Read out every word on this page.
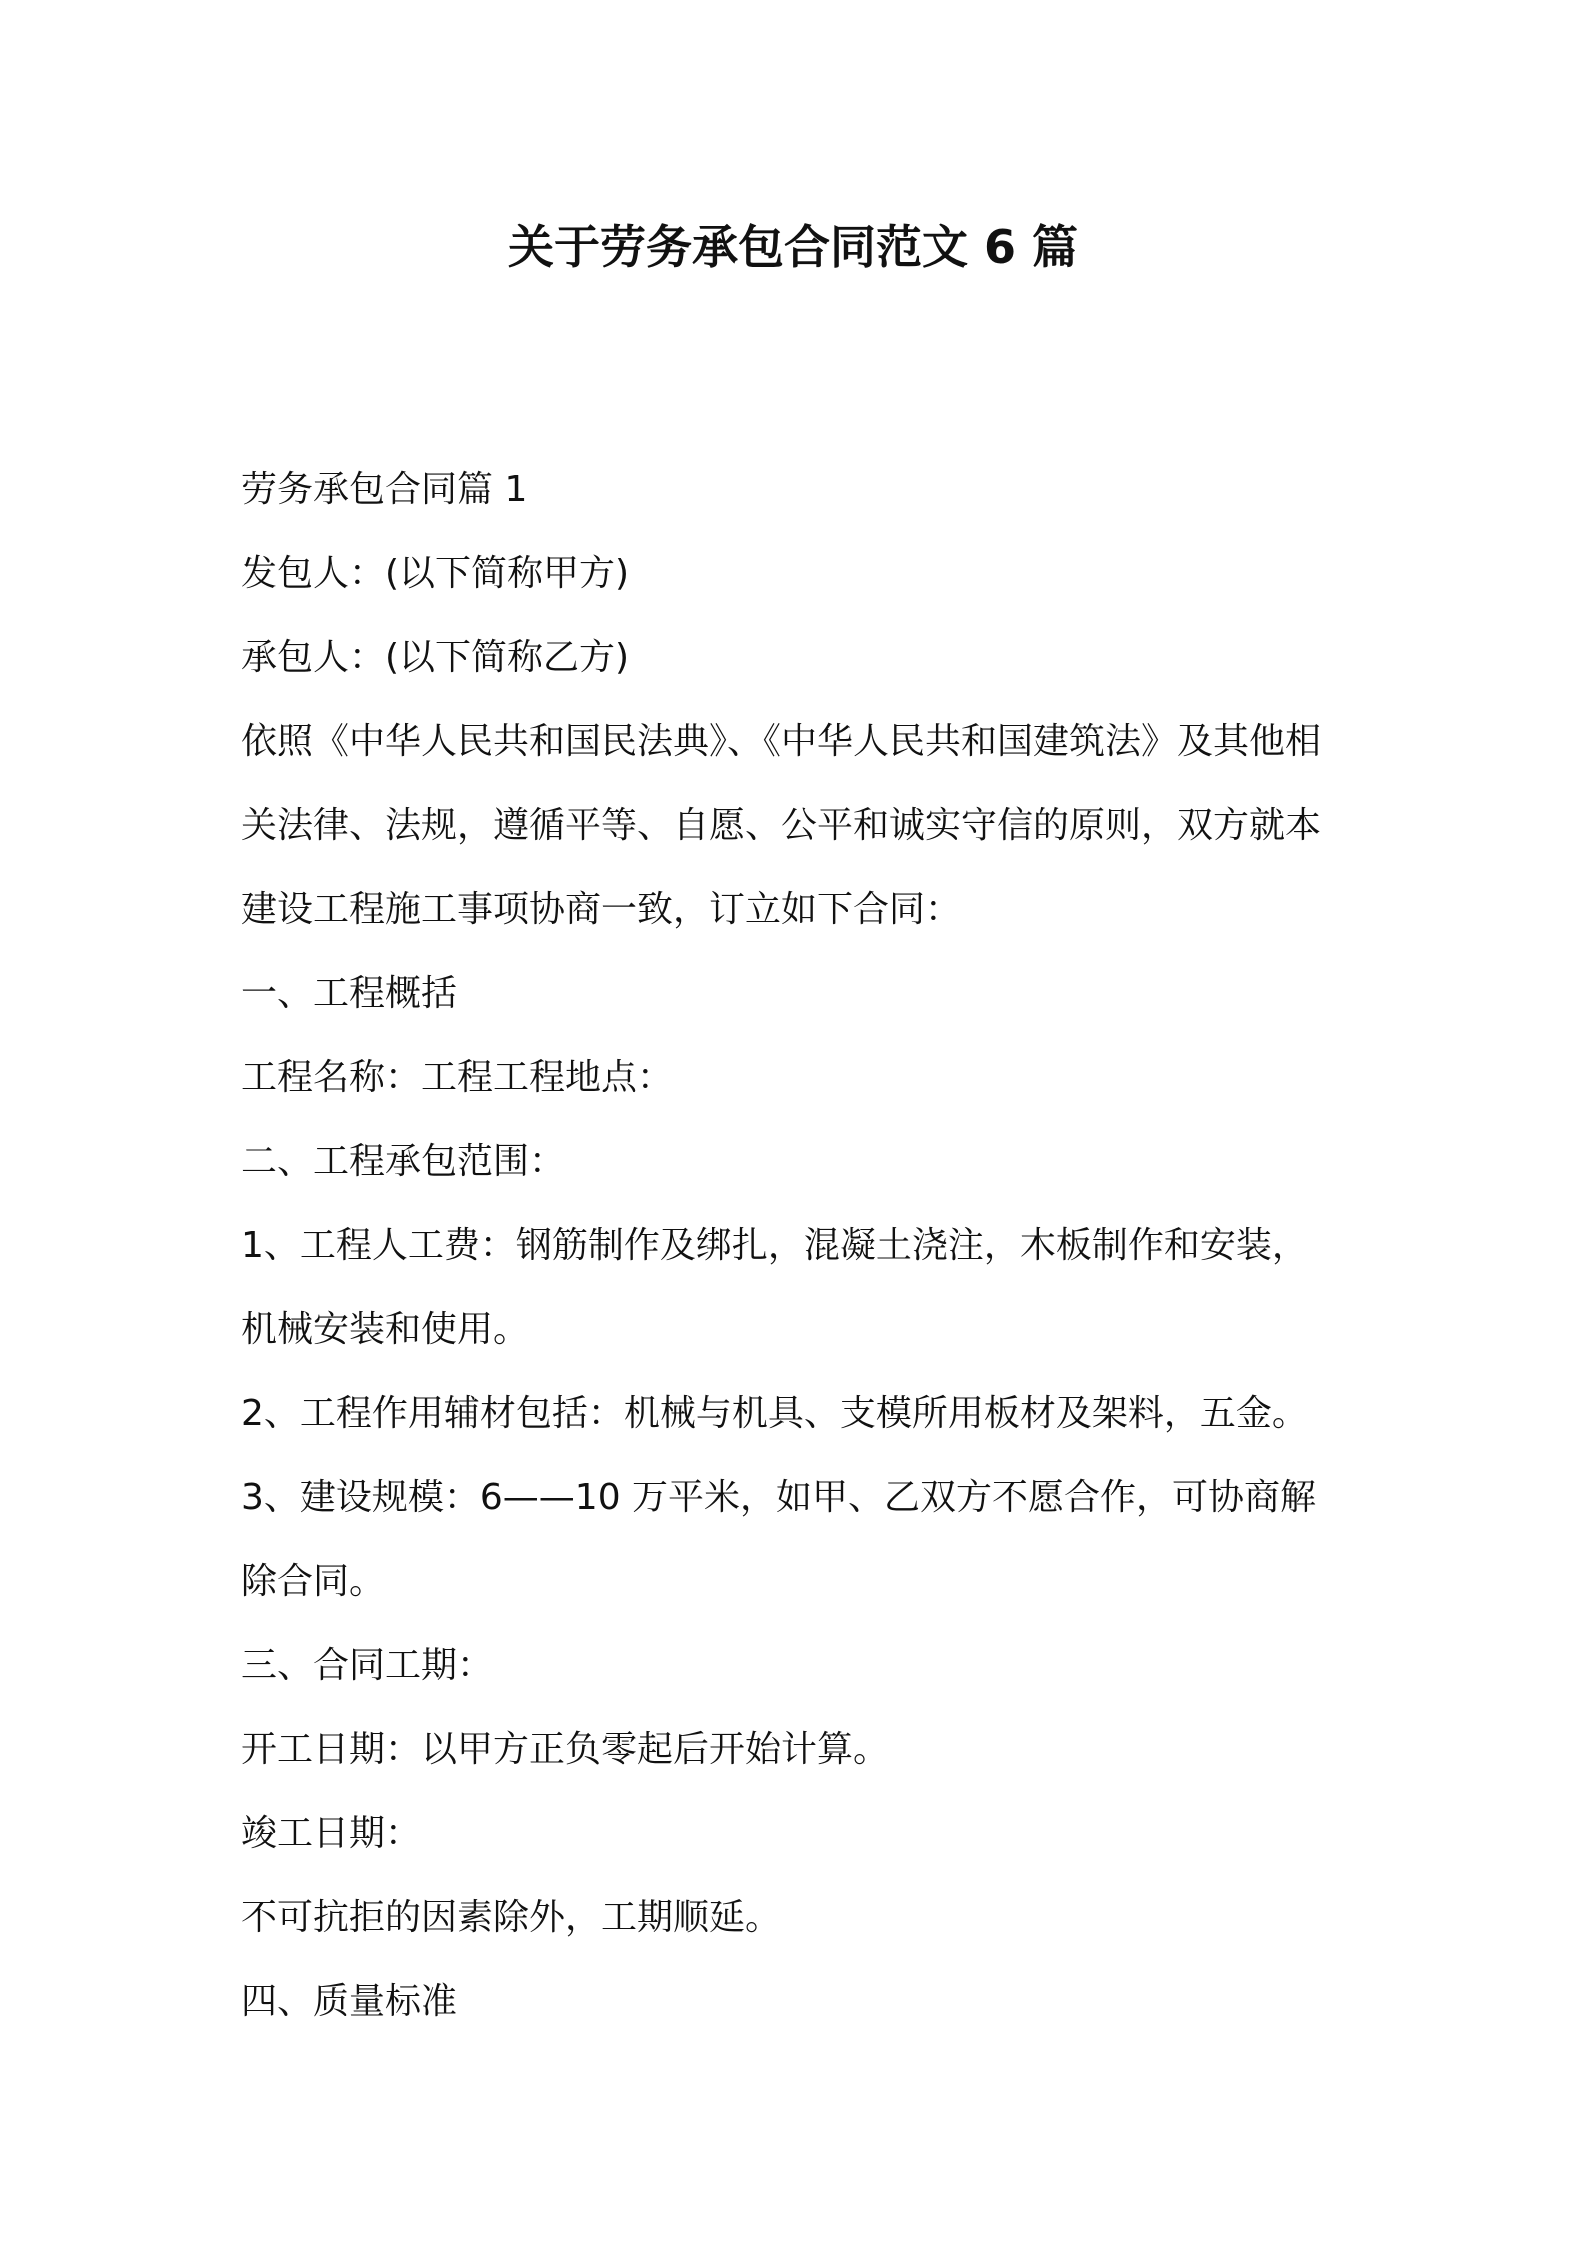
关于劳务承包合同范文 6 篇
劳务承包合同篇 1
发包人：(以下简称甲方)
承包人：(以下简称乙方)
依照《中华人民共和国民法典》、《中华人民共和国建筑法》及其他相
关法律、法规，遵循平等、自愿、公平和诚实守信的原则，双方就本
建设工程施工事项协商一致，订立如下合同：
一、工程概括
工程名称：工程工程地点：
二、工程承包范围：
1、工程人工费：钢筋制作及绑扎，混凝土浇注，木板制作和安装，
机械安装和使用。
2、工程作用辅材包括：机械与机具、支模所用板材及架料，五金。
3、建设规模：6——10 万平米，如甲、乙双方不愿合作，可协商解
除合同。
三、合同工期：
开工日期：以甲方正负零起后开始计算。
竣工日期：
不可抗拒的因素除外，工期顺延。
四、质量标准
